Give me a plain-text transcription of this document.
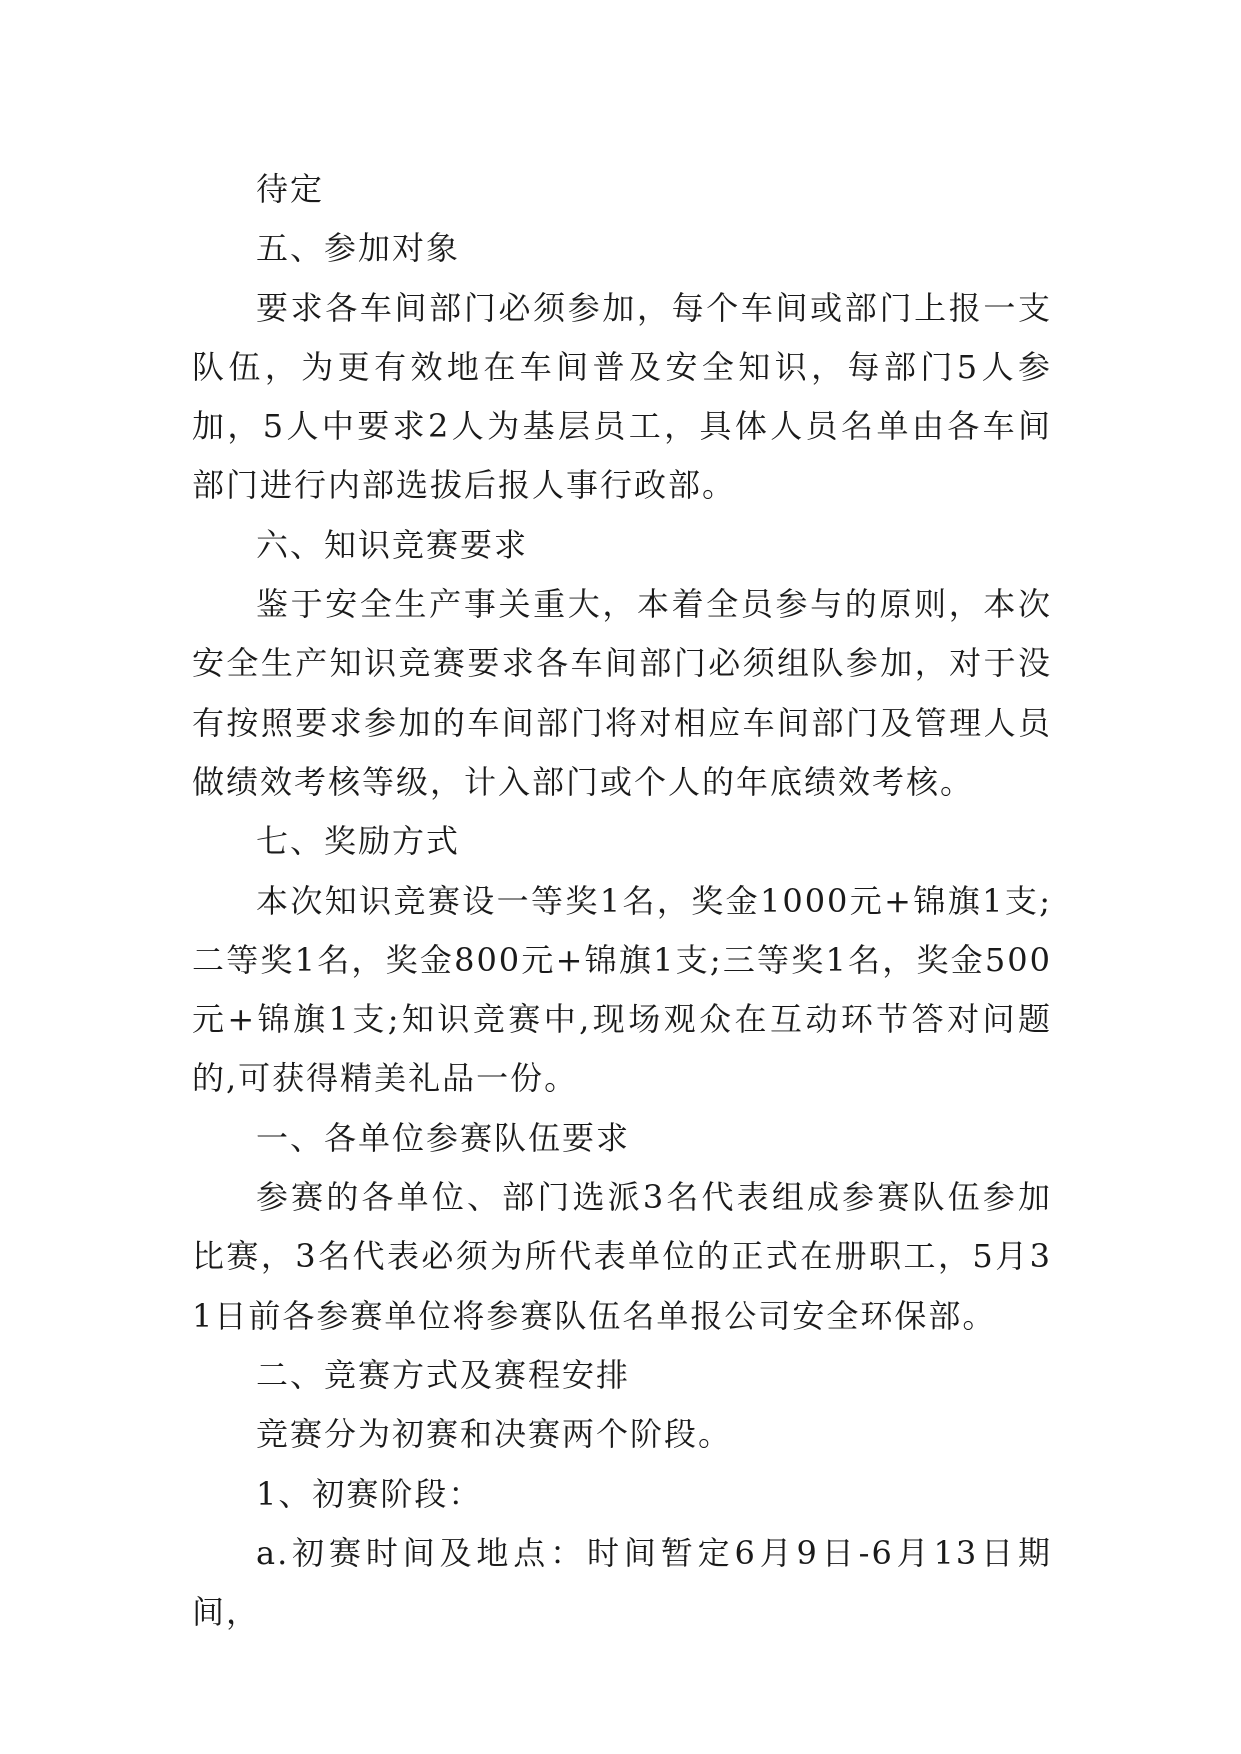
待定

五、参加对象

要求各车间部门必须参加，每个车间或部门上报一支队伍，为更有效地在车间普及安全知识，每部门5人参加，5人中要求2人为基层员工，具体人员名单由各车间部门进行内部选拔后报人事行政部。

六、知识竞赛要求

鉴于安全生产事关重大，本着全员参与的原则，本次安全生产知识竞赛要求各车间部门必须组队参加，对于没有按照要求参加的车间部门将对相应车间部门及管理人员做绩效考核等级，计入部门或个人的年底绩效考核。

七、奖励方式

本次知识竞赛设一等奖1名，奖金1000元+锦旗1支;二等奖1名，奖金800元+锦旗1支;三等奖1名，奖金500元+锦旗1支;知识竞赛中,现场观众在互动环节答对问题的,可获得精美礼品一份。

一、各单位参赛队伍要求

参赛的各单位、部门选派3名代表组成参赛队伍参加比赛，3名代表必须为所代表单位的正式在册职工，5月31日前各参赛单位将参赛队伍名单报公司安全环保部。

二、竞赛方式及赛程安排

竞赛分为初赛和决赛两个阶段。

1、初赛阶段：

a.初赛时间及地点：时间暂定6月9日-6月13日期间，
